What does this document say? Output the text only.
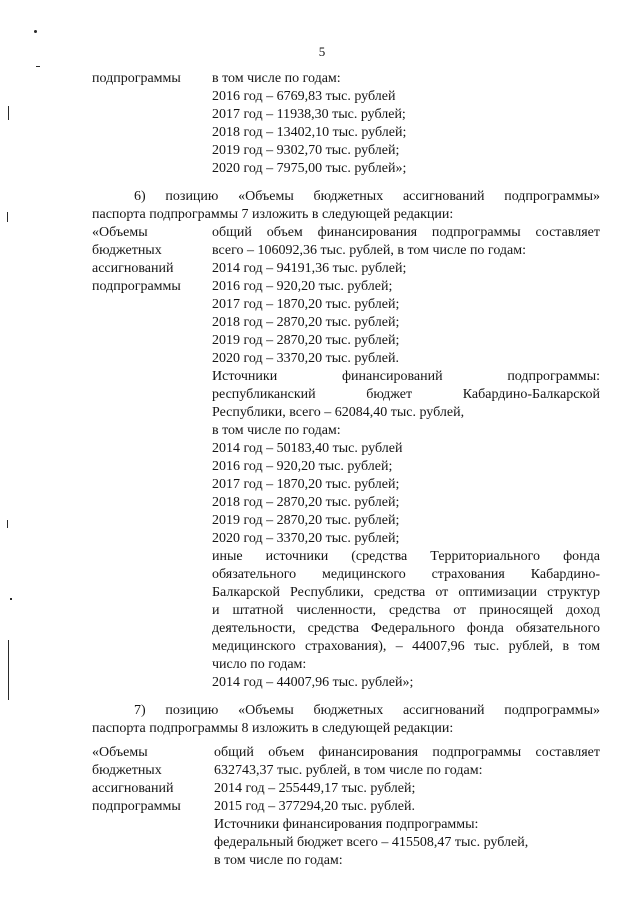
5
подпрограммы в том числе по годам:
2016 год – 6769,83 тыс. рублей
2017 год – 11938,30 тыс. рублей;
2018 год – 13402,10 тыс. рублей;
2019 год – 9302,70 тыс. рублей;
2020 год – 7975,00 тыс. рублей»;
6) позицию «Объемы бюджетных ассигнований подпрограммы»
паспорта подпрограммы 7 изложить в следующей редакции:
«Объемы
бюджетных
ассигнований
подпрограммы
общий объем финансирования подпрограммы составляет
всего – 106092,36 тыс. рублей, в том числе по годам:
2014 год – 94191,36 тыс. рублей;
2016 год – 920,20 тыс. рублей;
2017 год – 1870,20 тыс. рублей;
2018 год – 2870,20 тыс. рублей;
2019 год – 2870,20 тыс. рублей;
2020 год – 3370,20 тыс. рублей.
Источники финансирований подпрограммы:
республиканский бюджет Кабардино-Балкарской
Республики, всего – 62084,40 тыс. рублей,
в том числе по годам:
2014 год – 50183,40 тыс. рублей
2016 год – 920,20 тыс. рублей;
2017 год – 1870,20 тыс. рублей;
2018 год – 2870,20 тыс. рублей;
2019 год – 2870,20 тыс. рублей;
2020 год – 3370,20 тыс. рублей;
иные источники (средства Территориального фонда
обязательного медицинского страхования Кабардино-
Балкарской Республики, средства от оптимизации структур
и штатной численности, средства от приносящей доход
деятельности, средства Федерального фонда обязательного
медицинского страхования), – 44007,96 тыс. рублей, в том
число по годам:
2014 год – 44007,96 тыс. рублей»;
7) позицию «Объемы бюджетных ассигнований подпрограммы»
паспорта подпрограммы 8 изложить в следующей редакции:
«Объемы
бюджетных
ассигнований
подпрограммы
общий объем финансирования подпрограммы составляет
632743,37 тыс. рублей, в том числе по годам:
2014 год – 255449,17 тыс. рублей;
2015 год – 377294,20 тыс. рублей.
Источники финансирования подпрограммы:
федеральный бюджет всего – 415508,47 тыс. рублей,
в том числе по годам:
